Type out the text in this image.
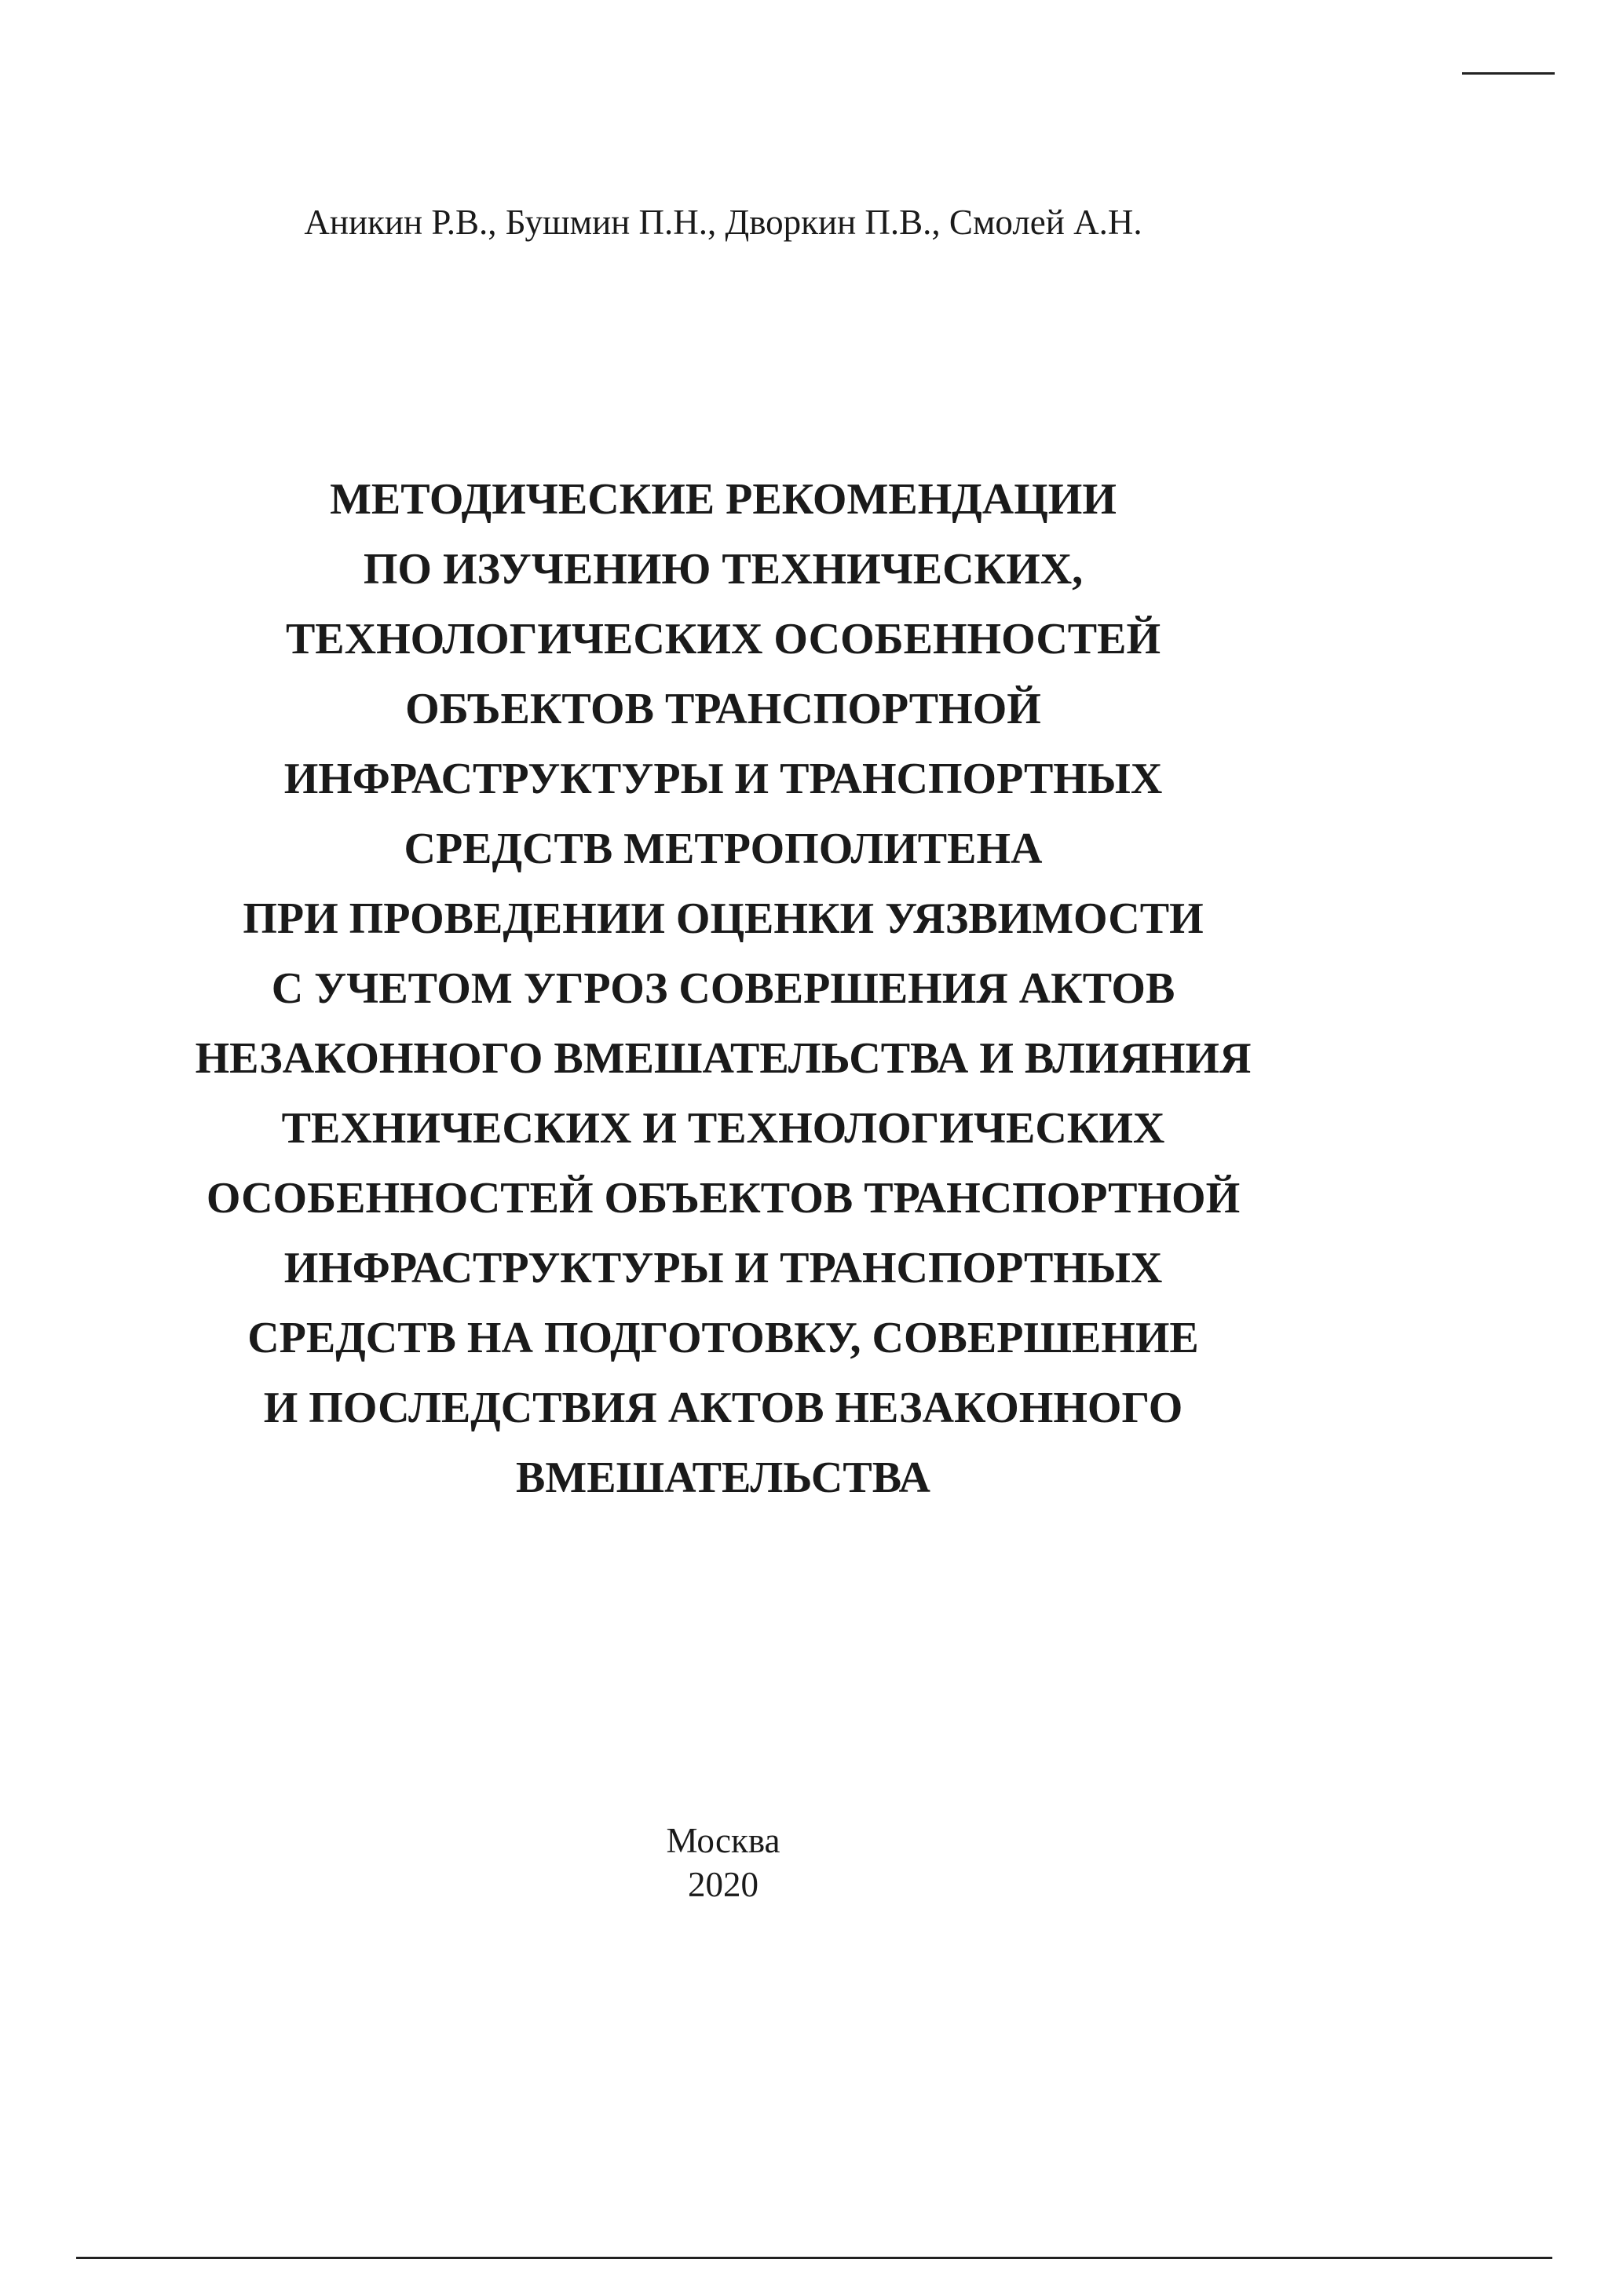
Аникин Р.В., Бушмин П.Н., Дворкин П.В., Смолей А.Н.
МЕТОДИЧЕСКИЕ РЕКОМЕНДАЦИИ
ПО ИЗУЧЕНИЮ ТЕХНИЧЕСКИХ,
ТЕХНОЛОГИЧЕСКИХ ОСОБЕННОСТЕЙ
ОБЪЕКТОВ ТРАНСПОРТНОЙ
ИНФРАСТРУКТУРЫ И ТРАНСПОРТНЫХ
СРЕДСТВ МЕТРОПОЛИТЕНА
ПРИ ПРОВЕДЕНИИ ОЦЕНКИ УЯЗВИМОСТИ
С УЧЕТОМ УГРОЗ СОВЕРШЕНИЯ АКТОВ
НЕЗАКОННОГО ВМЕШАТЕЛЬСТВА И ВЛИЯНИЯ
ТЕХНИЧЕСКИХ И ТЕХНОЛОГИЧЕСКИХ
ОСОБЕННОСТЕЙ ОБЪЕКТОВ ТРАНСПОРТНОЙ
ИНФРАСТРУКТУРЫ И ТРАНСПОРТНЫХ
СРЕДСТВ НА ПОДГОТОВКУ, СОВЕРШЕНИЕ
И ПОСЛЕДСТВИЯ АКТОВ НЕЗАКОННОГО
ВМЕШАТЕЛЬСТВА
Москва
2020
